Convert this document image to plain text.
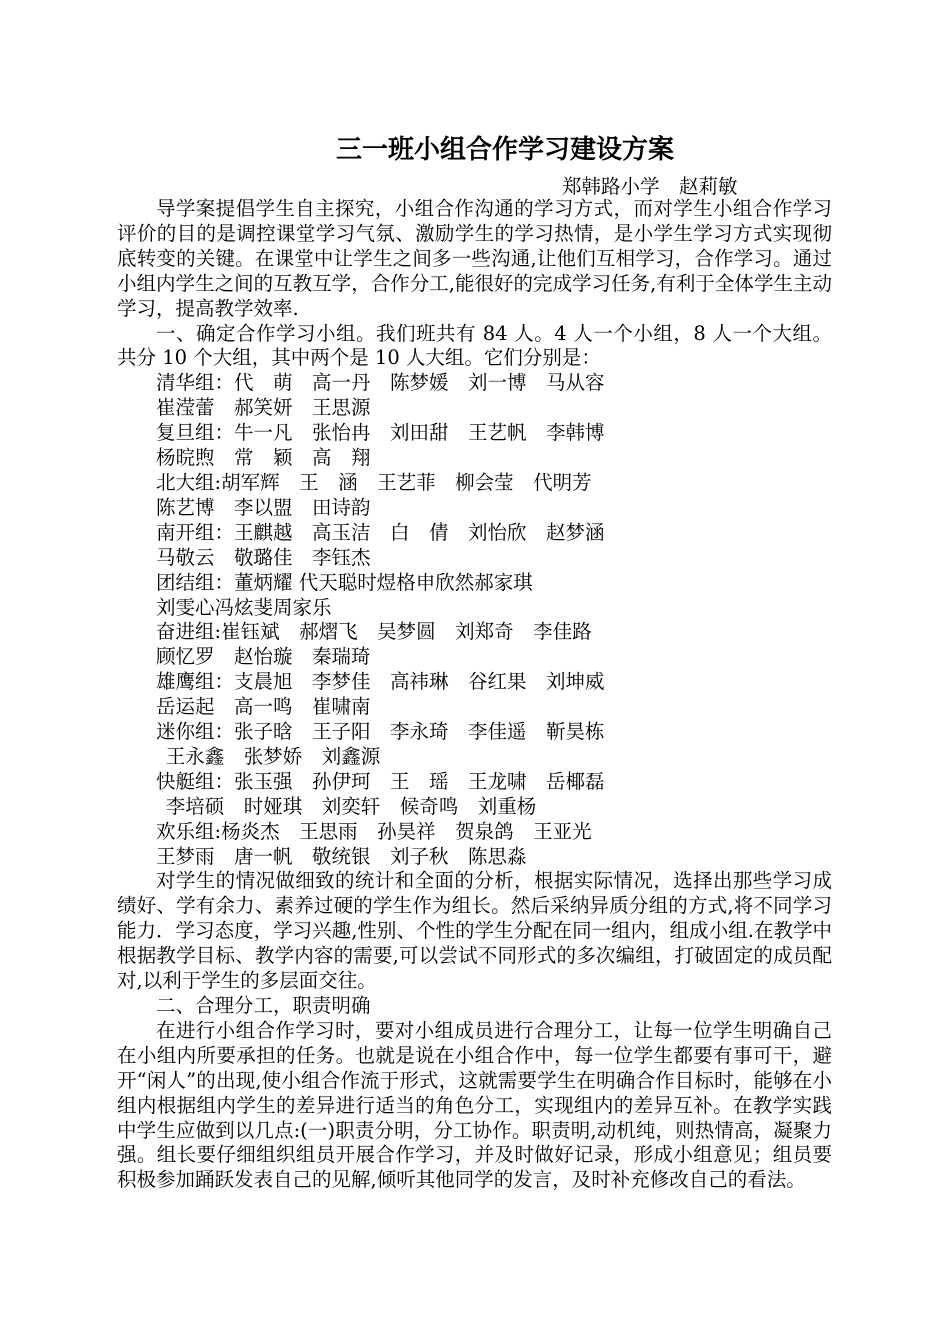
三一班小组合作学习建设方案
郑韩路小学　赵莉敏

导学案提倡学生自主探究，小组合作沟通的学习方式，而对学生小组合作学习评价的目的是调控课堂学习气氛、激励学生的学习热情，是小学生学习方式实现彻底转变的关键。在课堂中让学生之间多一些沟通,让他们互相学习，合作学习。通过小组内学生之间的互教互学，合作分工,能很好的完成学习任务,有利于全体学生主动学习，提高教学效率.

一、确定合作学习小组。我们班共有 84 人。4 人一个小组，8 人一个大组。共分 10 个大组，其中两个是 10 人大组。它们分别是：

清华组：代　萌　高一丹　陈梦媛　刘一博　马从容

崔滢蕾　郝笑妍　王思源

复旦组：牛一凡　张怡冉　刘田甜　王艺帆　李韩博

杨晥煦　常　颖　高　翔

北大组:胡军辉　王　涵　王艺菲　柳会莹　代明芳

陈艺博　李以盟　田诗韵

南开组：王麒越　高玉洁　白　倩　刘怡欣　赵梦涵

马敬云　敬璐佳　李钰杰

团结组：董炳耀 代天聪时煜格申欣然郝家琪

刘雯心冯炫斐周家乐

奋进组:崔钰斌　郝熠飞　吴梦圆　刘郑奇　李佳路

顾忆罗　赵怡璇　秦瑞琦

雄鹰组：支晨旭　李梦佳　高祎琳　谷红果　刘坤威

岳运起　高一鸣　崔啸南

迷你组：张子晗　王子阳　李永琦　李佳遥　靳昊栋

王永鑫　张梦娇　刘鑫源

快艇组：张玉强　孙伊珂　王　瑶　王龙啸　岳椰磊

李培硕　时娅琪　刘奕轩　候奇鸣　刘重杨

欢乐组:杨炎杰　王思雨　孙昊祥　贺泉鸽　王亚光

王梦雨　唐一帆　敬统银　刘子秋　陈思淼

对学生的情况做细致的统计和全面的分析，根据实际情况，选择出那些学习成绩好、学有余力、素养过硬的学生作为组长。然后采纳异质分组的方式,将不同学习能力．学习态度，学习兴趣,性别、个性的学生分配在同一组内，组成小组.在教学中根据教学目标、教学内容的需要,可以尝试不同形式的多次编组，打破固定的成员配对,以利于学生的多层面交往。

二、合理分工，职责明确

在进行小组合作学习时，要对小组成员进行合理分工，让每一位学生明确自己在小组内所要承担的任务。也就是说在小组合作中，每一位学生都要有事可干，避开“闲人”的出现,使小组合作流于形式，这就需要学生在明确合作目标时，能够在小组内根据组内学生的差异进行适当的角色分工，实现组内的差异互补。在教学实践中学生应做到以几点:(一)职责分明，分工协作。职责明,动机纯，则热情高，凝聚力强。组长要仔细组织组员开展合作学习，并及时做好记录，形成小组意见；组员要积极参加踊跃发表自己的见解,倾听其他同学的发言，及时补充修改自己的看法。
